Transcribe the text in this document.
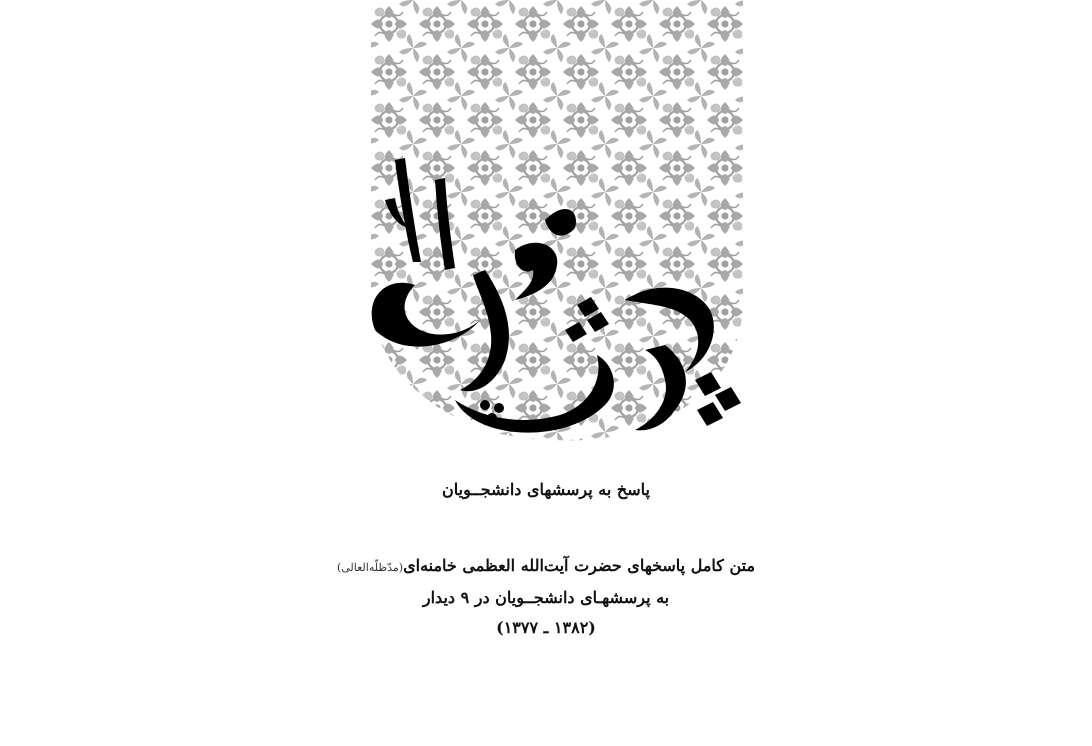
پاسخ به پرسشهای دانشجــویان
متن کامل پاسخهای حضرت آیت‌الله العظمی خامنه‌ای(مدّظلّه‌العالی)
به پرسشهـای دانشجــویان در ۹ دیدار
(۱۳۸۲ ـ ۱۳۷۷)
